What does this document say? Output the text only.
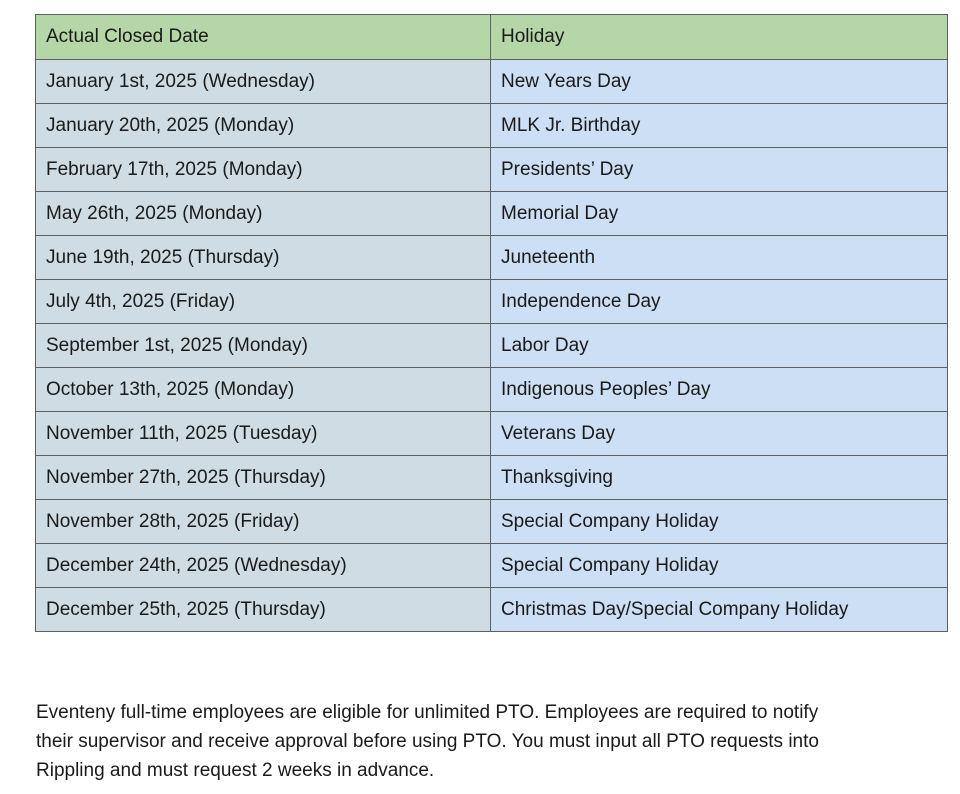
Actual Closed Date	Holiday
January 1st, 2025 (Wednesday)	New Years Day
January 20th, 2025 (Monday)	MLK Jr. Birthday
February 17th, 2025 (Monday)	Presidents’ Day
May 26th, 2025 (Monday)	Memorial Day
June 19th, 2025 (Thursday)	Juneteenth
July 4th, 2025 (Friday)	Independence Day
September 1st, 2025 (Monday)	Labor Day
October 13th, 2025 (Monday)	Indigenous Peoples’ Day
November 11th, 2025 (Tuesday)	Veterans Day
November 27th, 2025 (Thursday)	Thanksgiving
November 28th, 2025 (Friday)	Special Company Holiday
December 24th, 2025 (Wednesday)	Special Company Holiday
December 25th, 2025 (Thursday)	Christmas Day/Special Company Holiday

Eventeny full-time employees are eligible for unlimited PTO. Employees are required to notify
their supervisor and receive approval before using PTO. You must input all PTO requests into
Rippling and must request 2 weeks in advance.
